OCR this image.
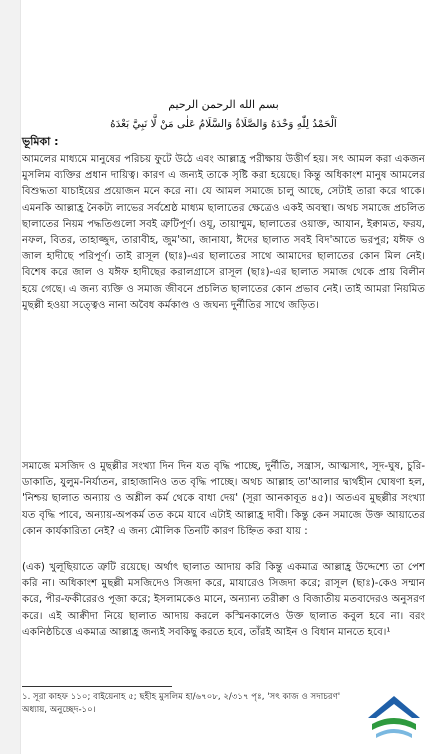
بسم الله الرحمن الرحيم
اَلْحَمْدُ لِلّٰهِ وَحْدَهُ وَالصَّلَاةُ وَالسَّلَامُ عَلٰى مَنْ لَّا نَبِيَّ بَعْدَهُ
ভূমিকা :
আমলের মাধ্যমে মানুষের পরিচয় ফুটে উঠে এবং আল্লাহ্র পরীক্ষায় উত্তীর্ণ হয়। সৎ আমল করা একজন মুসলিম ব্যক্তির প্রধান দায়িত্ব। কারণ এ জন্যই তাকে সৃষ্টি করা হয়েছে। কিন্তু অধিকাংশ মানুষ আমলের বিশুদ্ধতা যাচাইয়ের প্রয়োজন মনে করে না। যে আমল সমাজে চালু আছে, সেটাই তারা করে থাকে। এমনকি আল্লাহ্র নৈকট্য লাভের সর্বশ্রেষ্ঠ মাধ্যম ছালাতের ক্ষেত্রেও একই অবস্থা। অথচ সমাজে প্রচলিত ছালাতের নিয়ম পদ্ধতিগুলো সবই ত্রুটিপূর্ণ। ওযূ, তায়াম্মুম, ছালাতের ওয়াক্ত, আযান, ইক্বামত, ফরয, নফল, বিতর, তাহাজ্জুদ, তারাবীহ, জুম'আ, জানাযা, ঈদের ছালাত সবই বিদ'আতে ভরপুর; যঈফ ও জাল হাদীছে পরিপূর্ণ। তাই রাসূল (ছাঃ)-এর ছালাতের সাথে আমাদের ছালাতের কোন মিল নেই। বিশেষ করে জাল ও যঈফ হাদীছের করালগ্রাসে রাসূল (ছাঃ)-এর ছালাত সমাজ থেকে প্রায় বিলীন হয়ে গেছে। এ জন্য ব্যক্তি ও সমাজ জীবনে প্রচলিত ছালাতের কোন প্রভাব নেই। তাই আমরা নিয়মিত মুছল্লী হওয়া সত্ত্বেও নানা অবৈধ কর্মকাণ্ড ও জঘন্য দুর্নীতির সাথে জড়িত।
সমাজে মসজিদ ও মুছল্লীর সংখ্যা দিন দিন যত বৃদ্ধি পাচ্ছে, দুর্নীতি, সন্ত্রাস, আত্মসাৎ, সূদ-ঘুষ, চুরি-ডাকাতি, যুলুম-নির্যাতন, রাহাজানিও তত বৃদ্ধি পাচ্ছে। অথচ আল্লাহ তা'আলার দ্ব্যর্থহীন ঘোষণা হল, 'নিশ্চয় ছালাত অন্যায় ও অশ্লীল কর্ম থেকে বাধা দেয়' (সূরা আনকাবূত ৪৫)। অতএব মুছল্লীর সংখ্যা যত বৃদ্ধি পাবে, অন্যায়-অপকর্ম তত কমে যাবে এটাই আল্লাহ্র দাবী। কিন্তু কেন সমাজে উক্ত আয়াতের কোন কার্যকারিতা নেই? এ জন্য মৌলিক তিনটি কারণ চিহ্নিত করা যায় :
(এক) খুলূছিয়াতে ত্রুটি রয়েছে। অর্থাৎ ছালাত আদায় করি কিন্তু একমাত্র আল্লাহ্র উদ্দেশ্যে তা পেশ করি না। অধিকাংশ মুছল্লী মসজিদেও সিজদা করে, মাযারেও সিজদা করে; রাসূল (ছাঃ)-কেও সম্মান করে, পীর-ফকীরেরও পূজা করে; ইসলামকেও মানে, অন্যান্য তরীক্বা ও বিজাতীয় মতবাদেরও অনুসরণ করে। এই আক্বীদা নিয়ে ছালাত আদায় করলে কস্মিনকালেও উক্ত ছালাত কবুল হবে না। বরং একনিষ্ঠচিত্তে একমাত্র আল্লাহ্র জন্যই সবকিছু করতে হবে, তাঁরই আইন ও বিধান মানতে হবে।¹
১. সূরা কাহফ ১১০; বাইয়েনাহ ৫; ছহীহ মুসলিম হা/৬৭০৮, ২/৩১৭ পৃঃ, 'সৎ কাজ ও সদাচরণ' অধ্যায়, অনুচ্ছেদ-১০।
